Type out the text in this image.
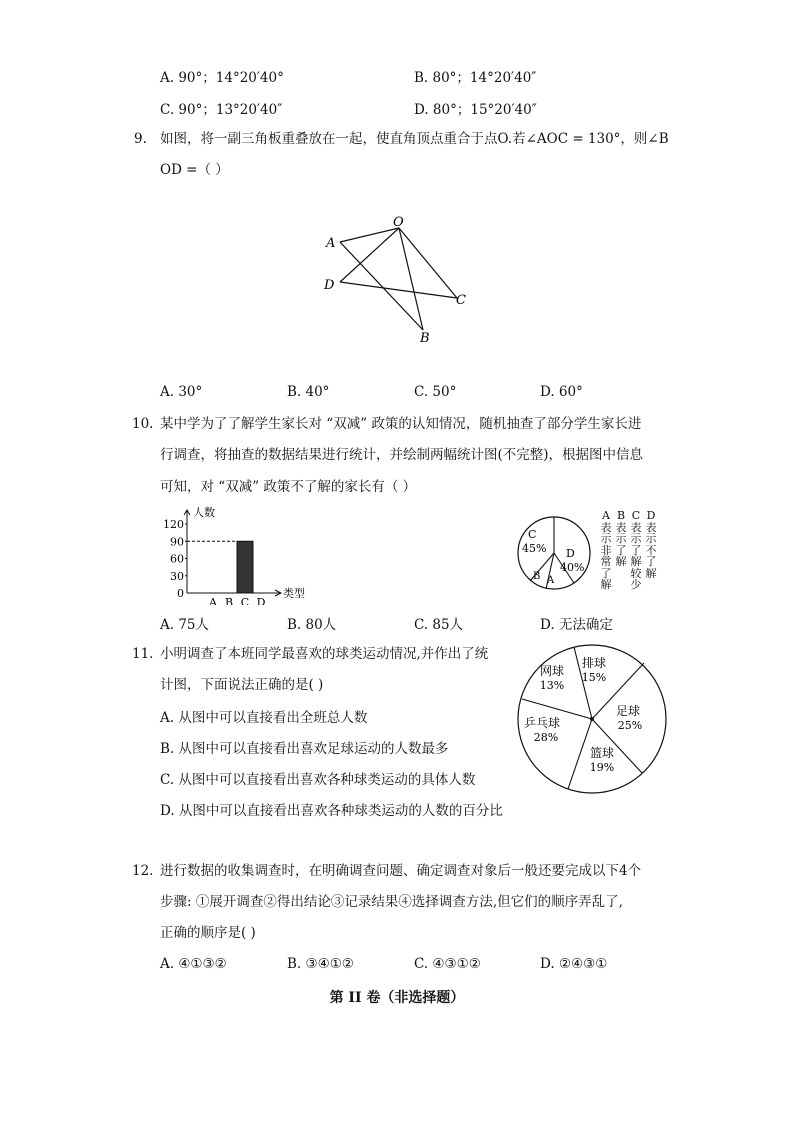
A. 90°；14°20′40°	B. 80°；14°20′40″
C. 90°；13°20′40″	D. 80°；15°20′40″
9. 如图，将一副三角板重叠放在一起，使直角顶点重合于点O.若∠AOC = 130°，则∠B
OD =（ ）
O
A
D
C
B
A. 30°	B. 40°	C. 50°	D. 60°
10. 某中学为了了解学生家长对 “双减” 政策的认知情况，随机抽查了部分学生家长进
行调查，将抽查的数据结果进行统计，并绘制两幅统计图(不完整)，根据图中信息
可知，对 “双减” 政策不了解的家长有（ ）
120
90
60
30
0
A B C D
人数
类型
C
45% D
40%
B A
A
表
示
非
常
了
解
B
表
示
了
解
C
表
示
了
解
较
少
D
表
示
不
了
解
A. 75人	B. 80人	C. 85人	D. 无法确定
11. 小明调查了本班同学最喜欢的球类运动情况,并作出了统
计图，下面说法正确的是( )
A. 从图中可以直接看出全班总人数
B. 从图中可以直接看出喜欢足球运动的人数最多
C. 从图中可以直接看出喜欢各种球类运动的具体人数
D. 从图中可以直接看出喜欢各种球类运动的人数的百分比
网球
13%
排球
15%
足球
25%
篮球
19%
乒乓球
28%
12. 进行数据的收集调查时，在明确调查问题、确定调查对象后一般还要完成以下4个
步骤: ①展开调查②得出结论③记录结果④选择调查方法,但它们的顺序弄乱了,
正确的顺序是( )
A. ④①③②	B. ③④①②	C. ④③①②	D. ②④③①
第 II 卷（非选择题）
